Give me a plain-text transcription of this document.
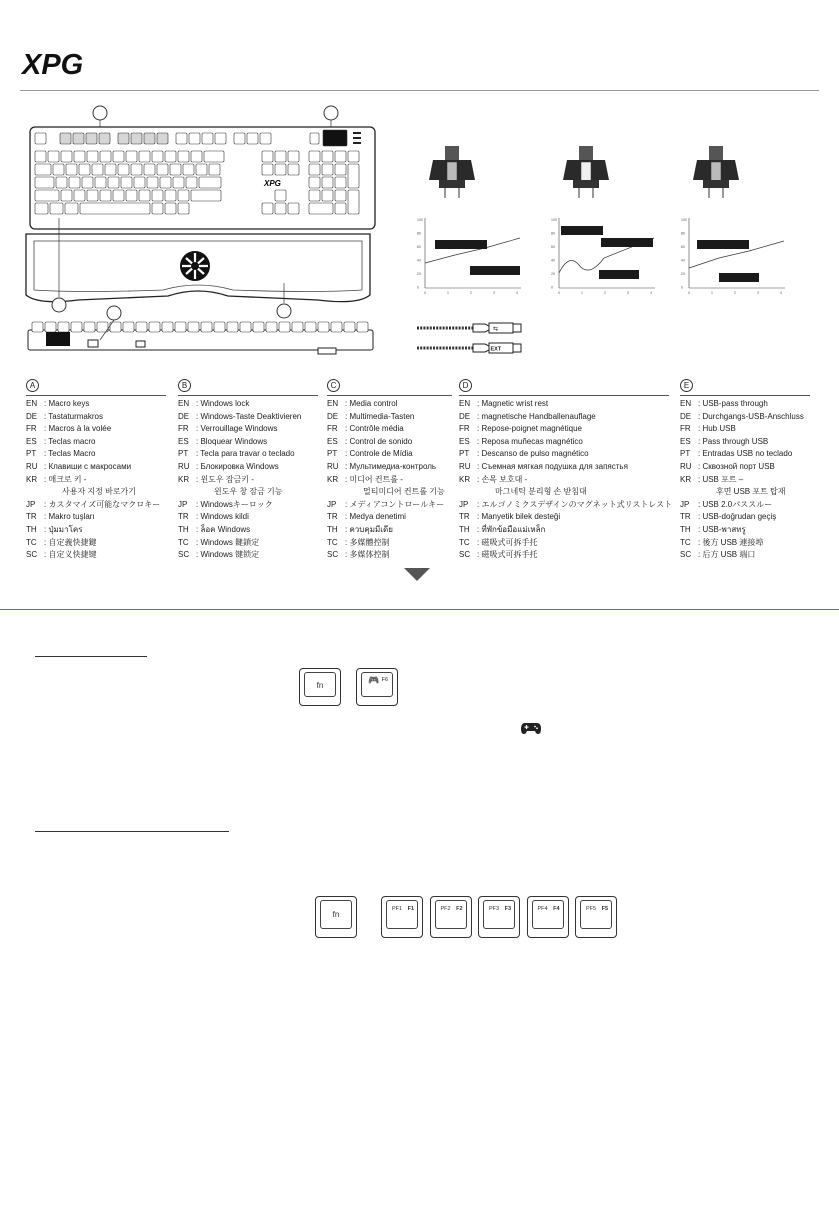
XPG
XPG
100
80
60
40
20
0
0	1	2	3	4
100
80
60
40
20
0
0	1	2	3	4
100
80
60
40
20
0
0	1	2	3	4
⇆
EXT
A
EN : Macro keys
DE : Tastaturmakros
FR : Macros à la volée
ES : Teclas macro
PT : Teclas Macro
RU : Клавиши с макросами
KR : 매크로 키 -
사용자 지정 바로가기
JP	: カスタマイズ可能なマクロキー
TR : Makro tuşları
TH : ปุ่มมาโคร
TC : 自定義快捷鍵
SC : 自定义快捷键
B
EN : Windows lock
DE : Windows-Taste Deaktivieren
FR : Verrouillage Windows
ES : Bloquear Windows
PT : Tecla para travar o teclado
RU : Блокировка Windows
KR : 윈도우 잠금키 -
윈도우 창 잠금 기능
JP	: Windowsキーロック
TR : Windows kildi
TH : ล็อค Windows
TC : Windows 鍵鎖定
SC : Windows 键锁定
C
EN : Media control
DE : Multimedia-Tasten
FR : Contrôle média
ES : Control de sonido
PT : Controle de Mídia
RU : Мультимедиа-контроль
KR : 미디어 컨트롤 -
멀티미디어 컨트롤 기능
JP	: メディアコントロールキー
TR : Medya denetimi
TH : ควบคุมมีเดีย
TC : 多媒體控制
SC : 多媒体控制
D
EN : Magnetic wrist rest
DE : magnetische Handballenauflage
FR : Repose-poignet magnétique
ES : Reposa muñecas magnético
PT : Descanso de pulso magnético
RU : Съемная мягкая подушка для запястья
KR : 손목 보호대 -
마그네틱 분리형 손 받침대
JP	: エルゴノミクスデザインのマグネット式リストレスト
TR : Manyetik bilek desteği
TH : ที่พักข้อมือแม่เหล็ก
TC : 磁吸式可拆手托
SC : 磁吸式可拆手托
E
EN : USB-pass through
DE : Durchgangs-USB-Anschluss
FR : Hub USB
ES : Pass through USB
PT : Entradas USB no teclado
RU : Сквозной порт USB
KR : USB 포트 –
후면 USB 포트 탑재
JP	: USB 2.0パススルー
TR : USB-doğrudan geçiş
TH : USB-พาสทรู
TC : 後方 USB 連接埠
SC : 后方 USB 端口
fn
🎮 F6
fn
PF1 F1	PF2 F2	PF3 F3	PF4 F4	PF5 F5
